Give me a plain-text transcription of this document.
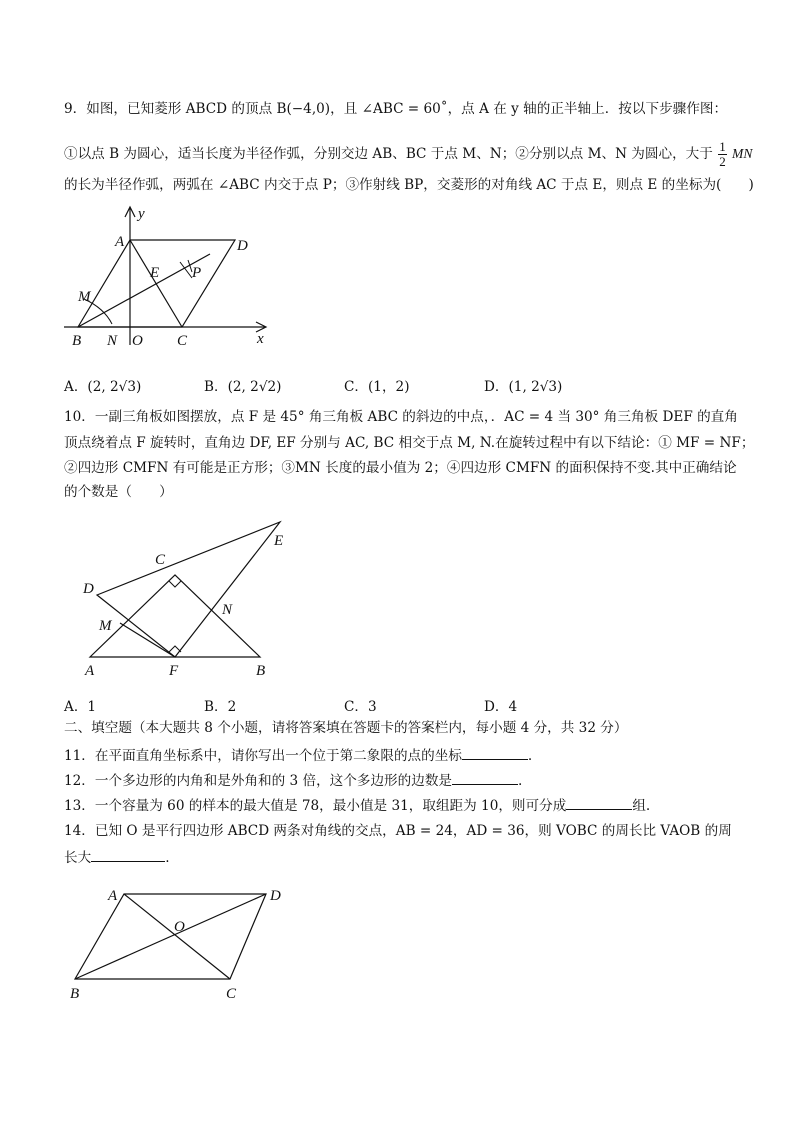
9．如图，已知菱形 ABCD 的顶点 B(−4,0)，且 ∠ABC = 60˚，点 A 在 y 轴的正半轴上．按以下步骤作图：
①以点 B 为圆心，适当长度为半径作弧，分别交边 AB、BC 于点 M、N；②分别以点 M、N 为圆心，大于 $\frac{1}{2}$ MN
的长为半径作弧，两弧在 ∠ABC 内交于点 P；③作射线 BP，交菱形的对角线 AC 于点 E，则点 E 的坐标为(　　)
y
A	D
E P
M
B N O C	x
A．(2, 2√3)	B．(2, 2√2)	C．(1，2)	D．(1, 2√3)
10．一副三角板如图摆放，点 F 是 45° 角三角板 ABC 的斜边的中点，．AC = 4 当 30° 角三角板 DEF 的直角
顶点绕着点 F 旋转时，直角边 DF, EF 分别与 AC, BC 相交于点 M, N.在旋转过程中有以下结论：① MF = NF；
②四边形 CMFN 有可能是正方形；③MN 长度的最小值为 2；④四边形 CMFN 的面积保持不变.其中正确结论
的个数是（　　）
C
E
D
N
M
A	F	B
A．1	B．2	C．3	D．4
二、填空题（本大题共 8 个小题，请将答案填在答题卡的答案栏内，每小题 4 分，共 32 分）
11．在平面直角坐标系中，请你写出一个位于第二象限的点的坐标	.
12．一个多边形的内角和是外角和的 3 倍，这个多边形的边数是	.
13．一个容量为 60 的样本的最大值是 78，最小值是 31，取组距为 10，则可分成	组.
14．已知 O 是平行四边形 ABCD 两条对角线的交点，AB = 24，AD = 36，则 VOBC 的周长比 VAOB 的周
长大	.
A	D
O
B	C
